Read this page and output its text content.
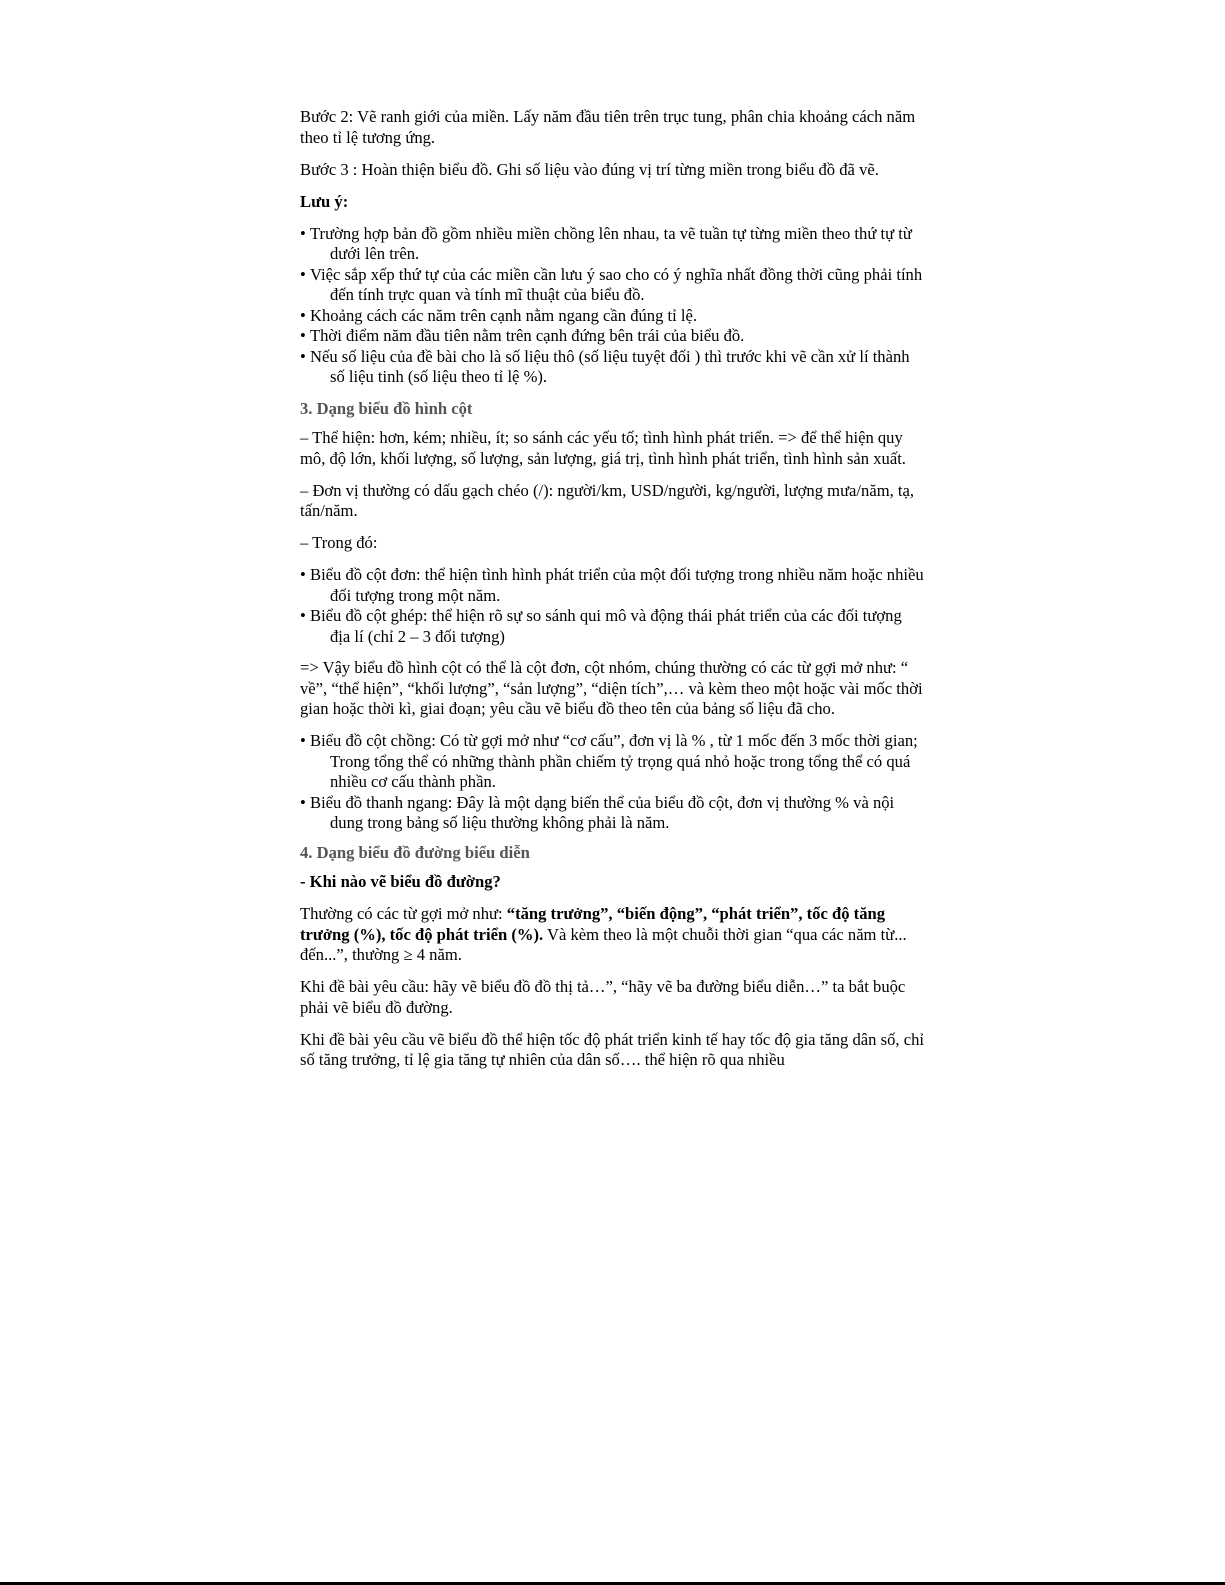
Bước 2: Vẽ ranh giới của miền. Lấy năm đầu tiên trên trục tung, phân chia khoảng cách năm theo tỉ lệ tương ứng.

Bước 3 : Hoàn thiện biểu đồ. Ghi số liệu vào đúng vị trí từng miền trong biểu đồ đã vẽ.

Lưu ý:

• Trường hợp bản đồ gồm nhiều miền chồng lên nhau, ta vẽ tuần tự từng miền theo thứ tự từ dưới lên trên.
• Việc sắp xếp thứ tự của các miền cần lưu ý sao cho có ý nghĩa nhất đồng thời cũng phải tính đến tính trực quan và tính mĩ thuật của biểu đồ.
• Khoảng cách các năm trên cạnh nằm ngang cần đúng tỉ lệ.
• Thời điểm năm đầu tiên nằm trên cạnh đứng bên trái của biểu đồ.
• Nếu số liệu của đề bài cho là số liệu thô (số liệu tuyệt đối ) thì trước khi vẽ cần xử lí thành số liệu tinh (số liệu theo tỉ lệ %).

3. Dạng biểu đồ hình cột

– Thể hiện: hơn, kém; nhiều, ít; so sánh các yếu tố; tình hình phát triển. => để thể hiện quy mô, độ lớn, khối lượng, số lượng, sản lượng, giá trị, tình hình phát triển, tình hình sản xuất.

– Đơn vị thường có dấu gạch chéo (/): người/km, USD/người, kg/người, lượng mưa/năm, tạ, tấn/năm.

– Trong đó:

• Biểu đồ cột đơn: thể hiện tình hình phát triển của một đối tượng trong nhiều năm hoặc nhiều đối tượng trong một năm.
• Biểu đồ cột ghép: thể hiện rõ sự so sánh qui mô và động thái phát triển của các đối tượng địa lí (chỉ 2 – 3 đối tượng)

=> Vậy biểu đồ hình cột có thể là cột đơn, cột nhóm, chúng thường có các từ gợi mở như: “ về”, “thể hiện”, “khối lượng”, “sản lượng”, “diện tích”,… và kèm theo một hoặc vài mốc thời gian hoặc thời kì, giai đoạn; yêu cầu vẽ biểu đồ theo tên của bảng số liệu đã cho.

• Biểu đồ cột chồng: Có từ gợi mở như “cơ cấu”, đơn vị là % , từ 1 mốc đến 3 mốc thời gian; Trong tổng thể có những thành phần chiếm tỷ trọng quá nhỏ hoặc trong tổng thể có quá nhiều cơ cấu thành phần.
• Biểu đồ thanh ngang: Đây là một dạng biến thể của biểu đồ cột, đơn vị thường % và nội dung trong bảng số liệu thường không phải là năm.

4. Dạng biểu đồ đường biểu diễn

- Khi nào vẽ biểu đồ đường?

Thường có các từ gợi mở như: “tăng trưởng”, “biến động”, “phát triển”, tốc độ tăng trưởng (%), tốc độ phát triển (%). Và kèm theo là một chuỗi thời gian “qua các năm từ... đến...”, thường ≥ 4 năm.

Khi đề bài yêu cầu: hãy vẽ biểu đồ đồ thị tả…”, “hãy vẽ ba đường biểu diễn…” ta bắt buộc phải vẽ biểu đồ đường.

Khi đề bài yêu cầu vẽ biểu đồ thể hiện tốc độ phát triển kinh tế hay tốc độ gia tăng dân số, chỉ số tăng trưởng, tỉ lệ gia tăng tự nhiên của dân số…. thể hiện rõ qua nhiều
